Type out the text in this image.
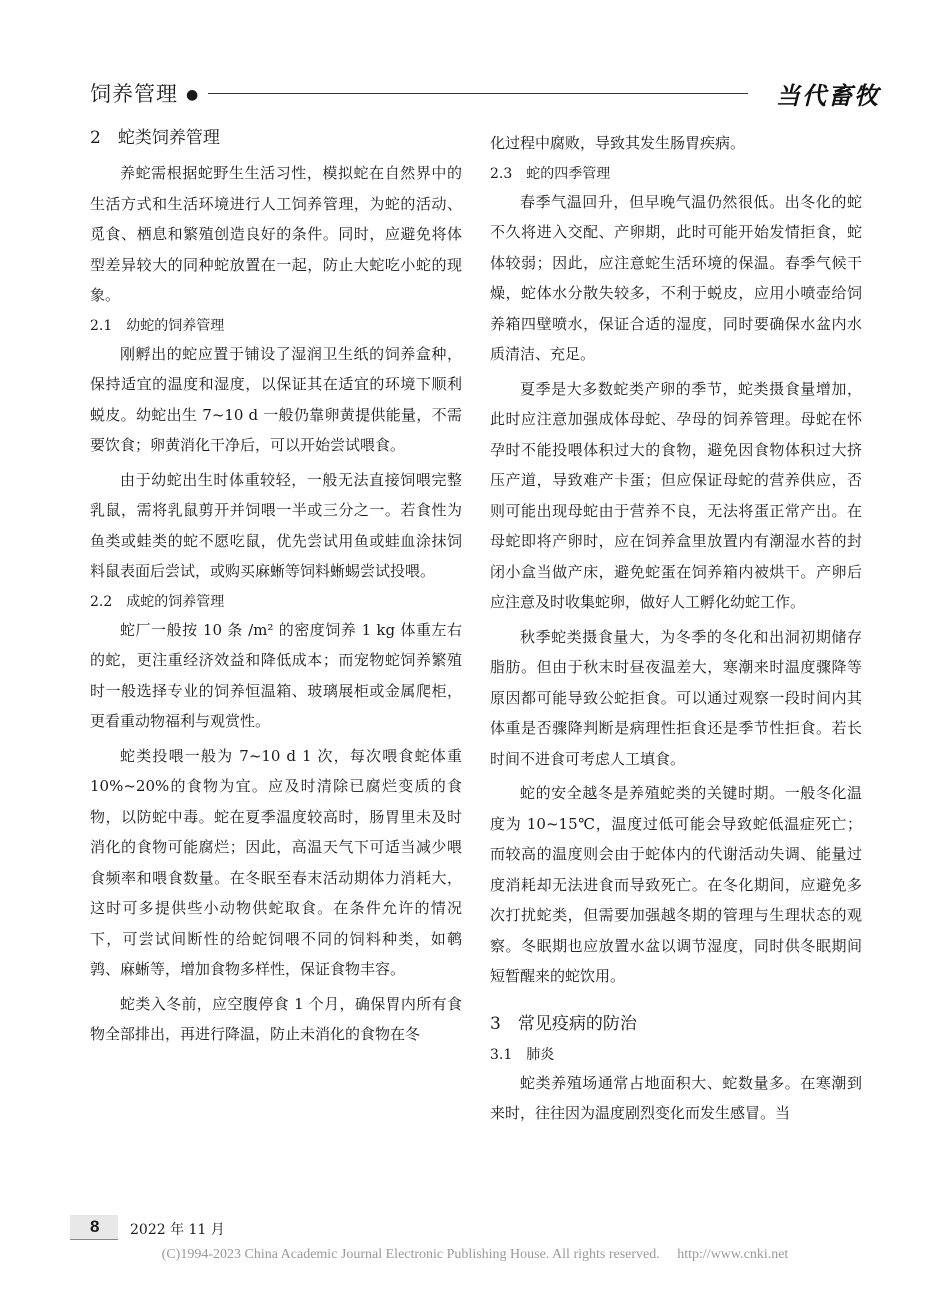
饲养管理 ●	当代畜牧
2　蛇类饲养管理

养蛇需根据蛇野生生活习性，模拟蛇在自然界中的生活方式和生活环境进行人工饲养管理，为蛇的活动、觅食、栖息和繁殖创造良好的条件。同时，应避免将体型差异较大的同种蛇放置在一起，防止大蛇吃小蛇的现象。

2.1　幼蛇的饲养管理

刚孵出的蛇应置于铺设了湿润卫生纸的饲养盒种，保持适宜的温度和湿度，以保证其在适宜的环境下顺利蜕皮。幼蛇出生 7~10 d 一般仍靠卵黄提供能量，不需要饮食；卵黄消化干净后，可以开始尝试喂食。

由于幼蛇出生时体重较轻，一般无法直接饲喂完整乳鼠，需将乳鼠剪开并饲喂一半或三分之一。若食性为鱼类或蛙类的蛇不愿吃鼠，优先尝试用鱼或蛙血涂抹饲料鼠表面后尝试，或购买麻蜥等饲料蜥蜴尝试投喂。

2.2　成蛇的饲养管理

蛇厂一般按 10 条 /m² 的密度饲养 1 kg 体重左右的蛇，更注重经济效益和降低成本；而宠物蛇饲养繁殖时一般选择专业的饲养恒温箱、玻璃展柜或金属爬柜，更看重动物福利与观赏性。

蛇类投喂一般为 7~10 d 1 次，每次喂食蛇体重10%~20%的食物为宜。应及时清除已腐烂变质的食物，以防蛇中毒。蛇在夏季温度较高时，肠胃里未及时消化的食物可能腐烂；因此，高温天气下可适当减少喂食频率和喂食数量。在冬眠至春末活动期体力消耗大，这时可多提供些小动物供蛇取食。在条件允许的情况下，可尝试间断性的给蛇饲喂不同的饲料种类，如鹌鹑、麻蜥等，增加食物多样性，保证食物丰容。

蛇类入冬前，应空腹停食 1 个月，确保胃内所有食物全部排出，再进行降温，防止未消化的食物在冬

化过程中腐败，导致其发生肠胃疾病。

2.3　蛇的四季管理

春季气温回升，但早晚气温仍然很低。出冬化的蛇不久将进入交配、产卵期，此时可能开始发情拒食，蛇体较弱；因此，应注意蛇生活环境的保温。春季气候干燥，蛇体水分散失较多，不利于蜕皮，应用小喷壶给饲养箱四壁喷水，保证合适的湿度，同时要确保水盆内水质清洁、充足。

夏季是大多数蛇类产卵的季节，蛇类摄食量增加，此时应注意加强成体母蛇、孕母的饲养管理。母蛇在怀孕时不能投喂体积过大的食物，避免因食物体积过大挤压产道，导致难产卡蛋；但应保证母蛇的营养供应，否则可能出现母蛇由于营养不良，无法将蛋正常产出。在母蛇即将产卵时，应在饲养盒里放置内有潮湿水苔的封闭小盒当做产床，避免蛇蛋在饲养箱内被烘干。产卵后应注意及时收集蛇卵，做好人工孵化幼蛇工作。

秋季蛇类摄食量大，为冬季的冬化和出洞初期储存脂肪。但由于秋末时昼夜温差大，寒潮来时温度骤降等原因都可能导致公蛇拒食。可以通过观察一段时间内其体重是否骤降判断是病理性拒食还是季节性拒食。若长时间不进食可考虑人工填食。

蛇的安全越冬是养殖蛇类的关键时期。一般冬化温度为 10~15℃，温度过低可能会导致蛇低温症死亡；而较高的温度则会由于蛇体内的代谢活动失调、能量过度消耗却无法进食而导致死亡。在冬化期间，应避免多次打扰蛇类，但需要加强越冬期的管理与生理状态的观察。冬眠期也应放置水盆以调节湿度，同时供冬眠期间短暂醒来的蛇饮用。

3　常见疫病的防治
3.1　肺炎

蛇类养殖场通常占地面积大、蛇数量多。在寒潮到来时，往往因为温度剧烈变化而发生感冒。当

8 2022 年 11 月
(C)1994-2023 China Academic Journal Electronic Publishing House. All rights reserved.　 http://www.cnki.net
